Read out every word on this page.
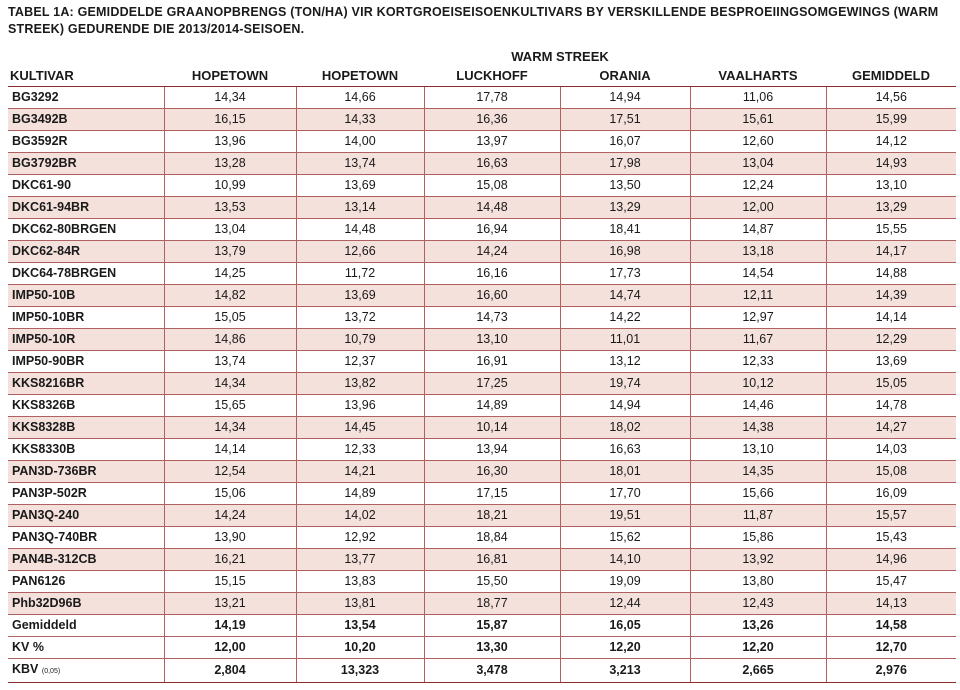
TABEL 1A: GEMIDDELDE GRAANOPBRENGS (TON/HA) VIR KORTGROEISEISOENKULTIVARS BY VERSKILLENDE BESPROEIINGSOMGEWINGS (WARM STREEK) GEDURENDE DIE 2013/2014-SEISOEN.
	WARM STREEK					
KULTIVAR	HOPETOWN	HOPETOWN	LUCKHOFF	ORANIA	VAALHARTS	GEMIDDELD
BG3292	14,34	14,66	17,78	14,94	11,06	14,56
BG3492B	16,15	14,33	16,36	17,51	15,61	15,99
BG3592R	13,96	14,00	13,97	16,07	12,60	14,12
BG3792BR	13,28	13,74	16,63	17,98	13,04	14,93
DKC61-90	10,99	13,69	15,08	13,50	12,24	13,10
DKC61-94BR	13,53	13,14	14,48	13,29	12,00	13,29
DKC62-80BRGEN	13,04	14,48	16,94	18,41	14,87	15,55
DKC62-84R	13,79	12,66	14,24	16,98	13,18	14,17
DKC64-78BRGEN	14,25	11,72	16,16	17,73	14,54	14,88
IMP50-10B	14,82	13,69	16,60	14,74	12,11	14,39
IMP50-10BR	15,05	13,72	14,73	14,22	12,97	14,14
IMP50-10R	14,86	10,79	13,10	11,01	11,67	12,29
IMP50-90BR	13,74	12,37	16,91	13,12	12,33	13,69
KKS8216BR	14,34	13,82	17,25	19,74	10,12	15,05
KKS8326B	15,65	13,96	14,89	14,94	14,46	14,78
KKS8328B	14,34	14,45	10,14	18,02	14,38	14,27
KKS8330B	14,14	12,33	13,94	16,63	13,10	14,03
PAN3D-736BR	12,54	14,21	16,30	18,01	14,35	15,08
PAN3P-502R	15,06	14,89	17,15	17,70	15,66	16,09
PAN3Q-240	14,24	14,02	18,21	19,51	11,87	15,57
PAN3Q-740BR	13,90	12,92	18,84	15,62	15,86	15,43
PAN4B-312CB	16,21	13,77	16,81	14,10	13,92	14,96
PAN6126	15,15	13,83	15,50	19,09	13,80	15,47
Phb32D96B	13,21	13,81	18,77	12,44	12,43	14,13
Gemiddeld	14,19	13,54	15,87	16,05	13,26	14,58
KV %	12,00	10,20	13,30	12,20	12,20	12,70
KBV (0,05)	2,804	13,323	3,478	3,213	2,665	2,976
